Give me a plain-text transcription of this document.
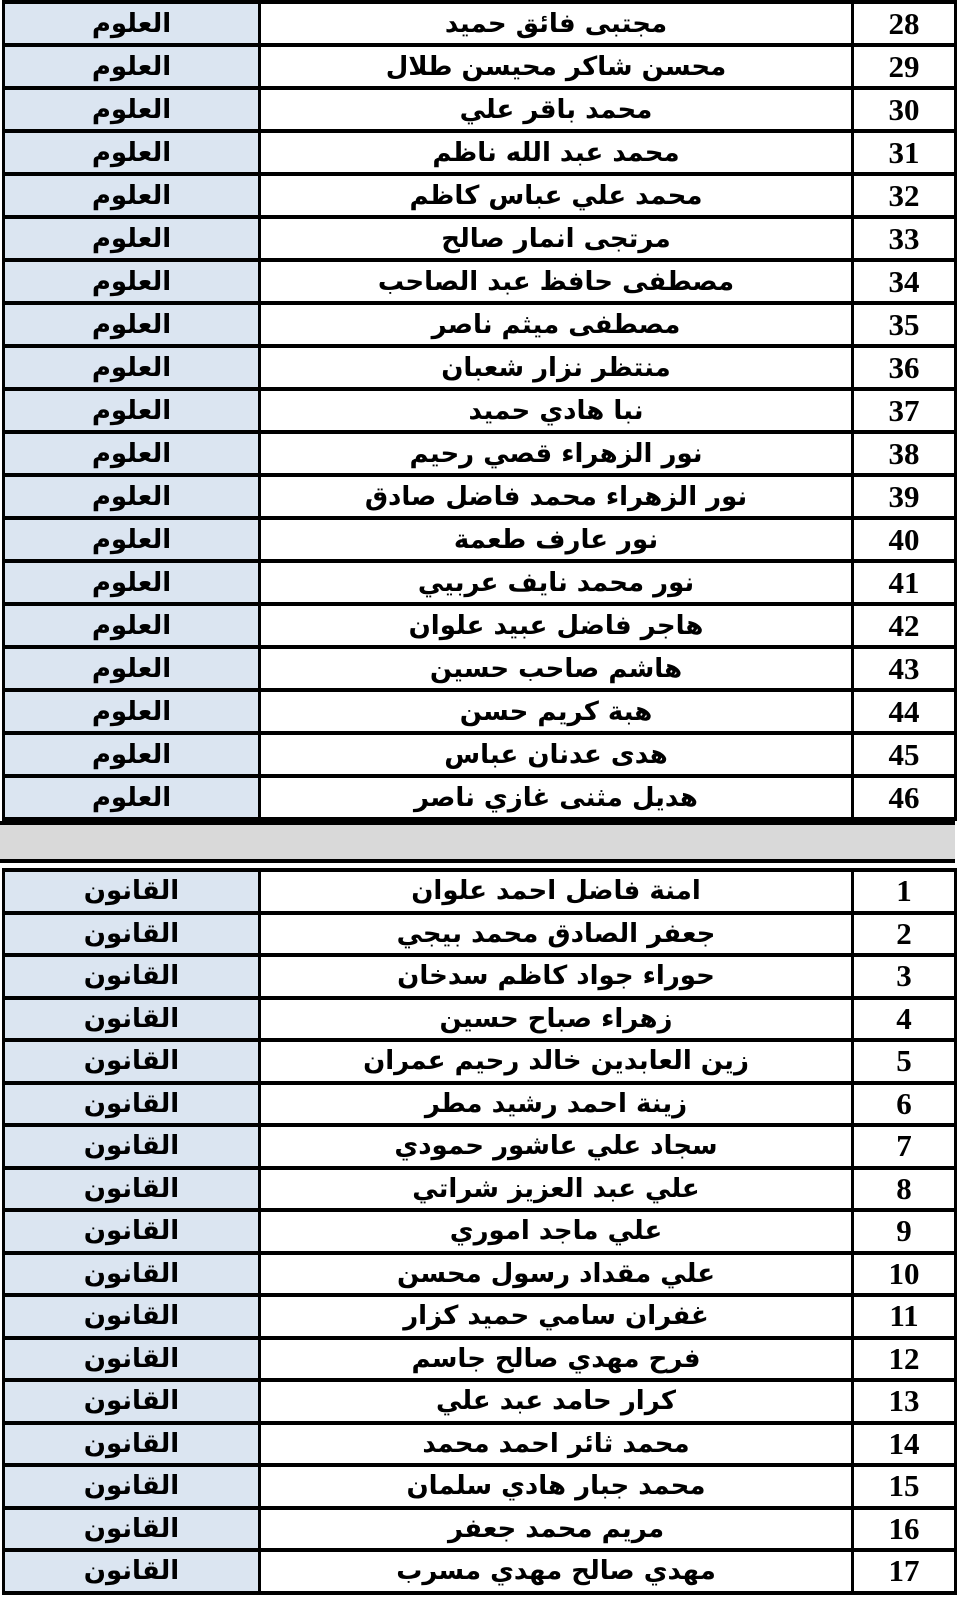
28	مجتبى فائق حميد	العلوم
29	محسن شاكر محيسن طلال	العلوم
30	محمد باقر علي	العلوم
31	محمد عبد الله ناظم	العلوم
32	محمد علي عباس كاظم	العلوم
33	مرتجى انمار صالح	العلوم
34	مصطفى حافظ عبد الصاحب	العلوم
35	مصطفى ميثم ناصر	العلوم
36	منتظر نزار شعبان	العلوم
37	نبا هادي حميد	العلوم
38	نور الزهراء قصي رحيم	العلوم
39	نور الزهراء محمد فاضل صادق	العلوم
40	نور عارف طعمة	العلوم
41	نور محمد نايف عربيي	العلوم
42	هاجر فاضل عبيد علوان	العلوم
43	هاشم صاحب حسين	العلوم
44	هبة كريم حسن	العلوم
45	هدى عدنان عباس	العلوم
46	هديل مثنى غازي ناصر	العلوم
1	امنة فاضل احمد علوان	القانون
2	جعفر الصادق محمد بيجي	القانون
3	حوراء جواد كاظم سدخان	القانون
4	زهراء صباح حسين	القانون
5	زين العابدين خالد رحيم عمران	القانون
6	زينة احمد رشيد مطر	القانون
7	سجاد علي عاشور حمودي	القانون
8	علي عبد العزيز شراتي	القانون
9	علي ماجد اموري	القانون
10	علي مقداد رسول محسن	القانون
11	غفران سامي حميد كزار	القانون
12	فرح مهدي صالح جاسم	القانون
13	كرار حامد عبد علي	القانون
14	محمد ثائر احمد محمد	القانون
15	محمد جبار هادي سلمان	القانون
16	مريم محمد جعفر	القانون
17	مهدي صالح مهدي مسرب	القانون
